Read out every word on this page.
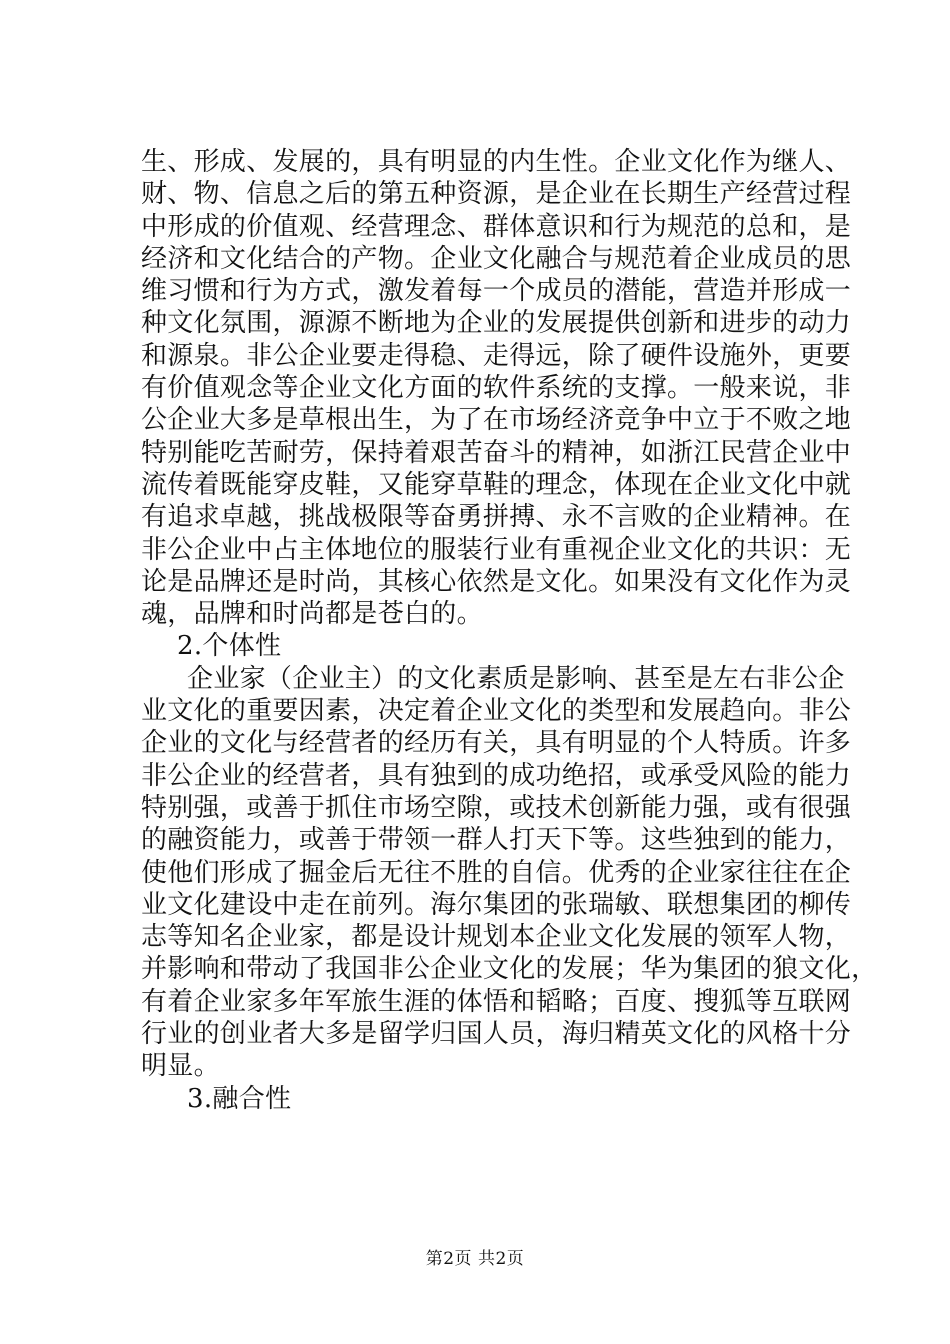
生、形成、发展的，具有明显的内生性。企业文化作为继人、
财、物、信息之后的第五种资源，是企业在长期生产经营过程
中形成的价值观、经营理念、群体意识和行为规范的总和，是
经济和文化结合的产物。企业文化融合与规范着企业成员的思
维习惯和行为方式，激发着每一个成员的潜能，营造并形成一
种文化氛围，源源不断地为企业的发展提供创新和进步的动力
和源泉。非公企业要走得稳、走得远，除了硬件设施外，更要
有价值观念等企业文化方面的软件系统的支撑。一般来说，非
公企业大多是草根出生，为了在市场经济竞争中立于不败之地
特别能吃苦耐劳，保持着艰苦奋斗的精神，如浙江民营企业中
流传着既能穿皮鞋，又能穿草鞋的理念，体现在企业文化中就
有追求卓越，挑战极限等奋勇拼搏、永不言败的企业精神。在
非公企业中占主体地位的服装行业有重视企业文化的共识：无
论是品牌还是时尚，其核心依然是文化。如果没有文化作为灵
魂，品牌和时尚都是苍白的。
2.个体性
企业家（企业主）的文化素质是影响、甚至是左右非公企
业文化的重要因素，决定着企业文化的类型和发展趋向。非公
企业的文化与经营者的经历有关，具有明显的个人特质。许多
非公企业的经营者，具有独到的成功绝招，或承受风险的能力
特别强，或善于抓住市场空隙，或技术创新能力强，或有很强
的融资能力，或善于带领一群人打天下等。这些独到的能力，
使他们形成了掘金后无往不胜的自信。优秀的企业家往往在企
业文化建设中走在前列。海尔集团的张瑞敏、联想集团的柳传
志等知名企业家，都是设计规划本企业文化发展的领军人物，
并影响和带动了我国非公企业文化的发展；华为集团的狼文化，
有着企业家多年军旅生涯的体悟和韬略；百度、搜狐等互联网
行业的创业者大多是留学归国人员，海归精英文化的风格十分
明显。
3.融合性
第2页 共2页
